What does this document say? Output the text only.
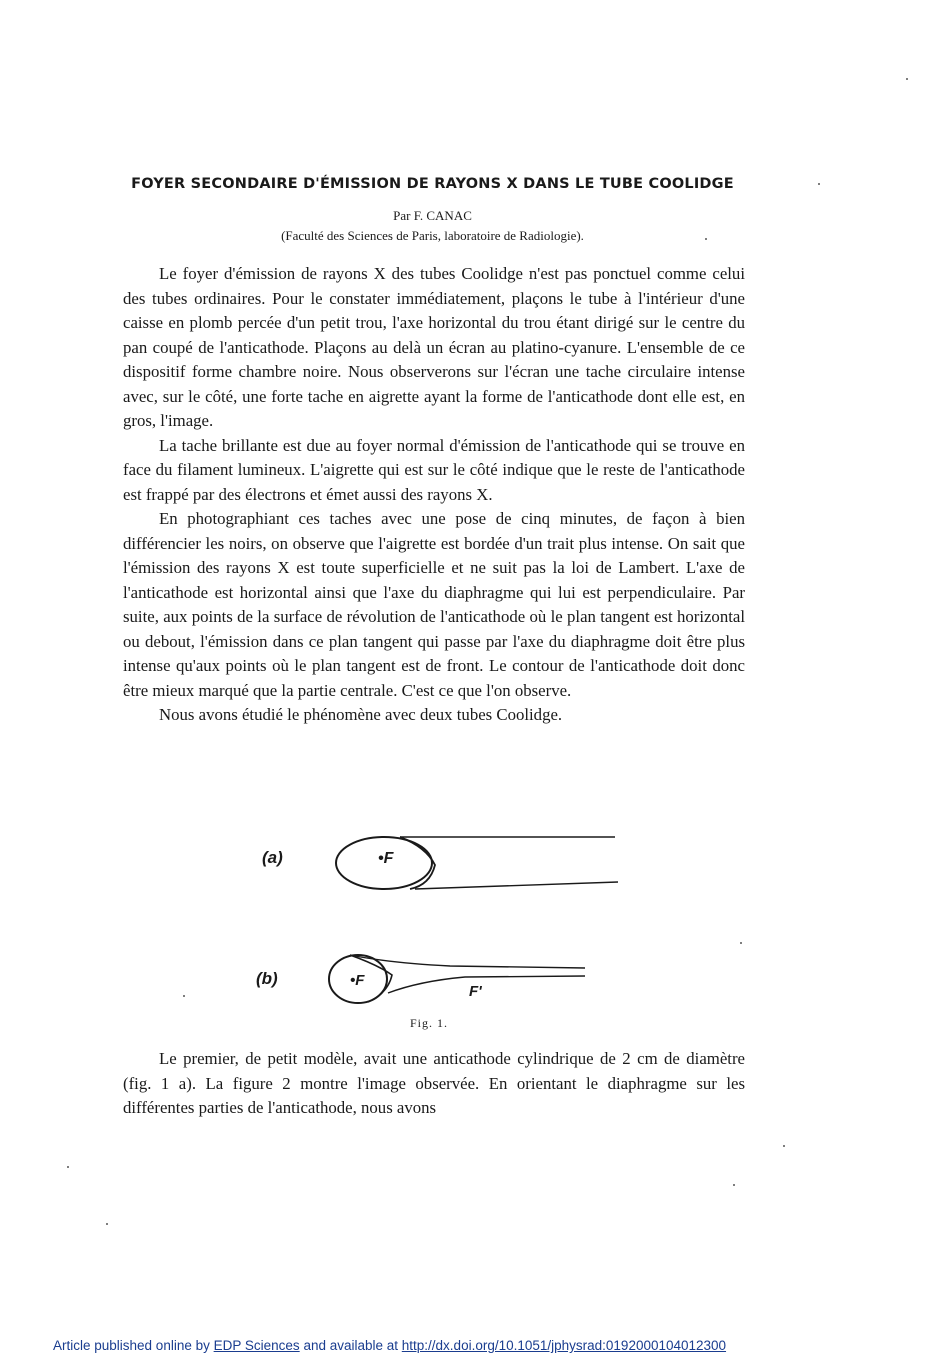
FOYER SECONDAIRE D'ÉMISSION DE RAYONS X DANS LE TUBE COOLIDGE
Par F. CANAC
(Faculté des Sciences de Paris, laboratoire de Radiologie).

Le foyer d'émission de rayons X des tubes Coolidge n'est pas ponctuel comme celui des tubes ordinaires. Pour le constater immédiatement, plaçons le tube à l'intérieur d'une caisse en plomb percée d'un petit trou, l'axe horizontal du trou étant dirigé sur le centre du pan coupé de l'anticathode. Plaçons au delà un écran au platino-cyanure. L'ensemble de ce dispositif forme chambre noire. Nous observerons sur l'écran une tache circulaire intense avec, sur le côté, une forte tache en aigrette ayant la forme de l'anticathode dont elle est, en gros, l'image.

La tache brillante est due au foyer normal d'émission de l'anticathode qui se trouve en face du filament lumineux. L'aigrette qui est sur le côté indique que le reste de l'anticathode est frappé par des électrons et émet aussi des rayons X.

En photographiant ces taches avec une pose de cinq minutes, de façon à bien différencier les noirs, on observe que l'aigrette est bordée d'un trait plus intense. On sait que l'émission des rayons X est toute superficielle et ne suit pas la loi de Lambert. L'axe de l'anticathode est horizontal ainsi que l'axe du diaphragme qui lui est perpendiculaire. Par suite, aux points de la surface de révolution de l'anticathode où le plan tangent est horizontal ou debout, l'émission dans ce plan tangent qui passe par l'axe du diaphragme doit être plus intense qu'aux points où le plan tangent est de front. Le contour de l'anticathode doit donc être mieux marqué que la partie centrale. C'est ce que l'on observe.

Nous avons étudié le phénomène avec deux tubes Coolidge.

(a)	•F
(b)	•F
F'
Fig. 1.

Le premier, de petit modèle, avait une anticathode cylindrique de 2 cm de diamètre (fig. 1 a). La figure 2 montre l'image observée. En orientant le diaphragme sur les différentes parties de l'anticathode, nous avons

Article published online by EDP Sciences and available at http://dx.doi.org/10.1051/jphysrad:0192000104012300
